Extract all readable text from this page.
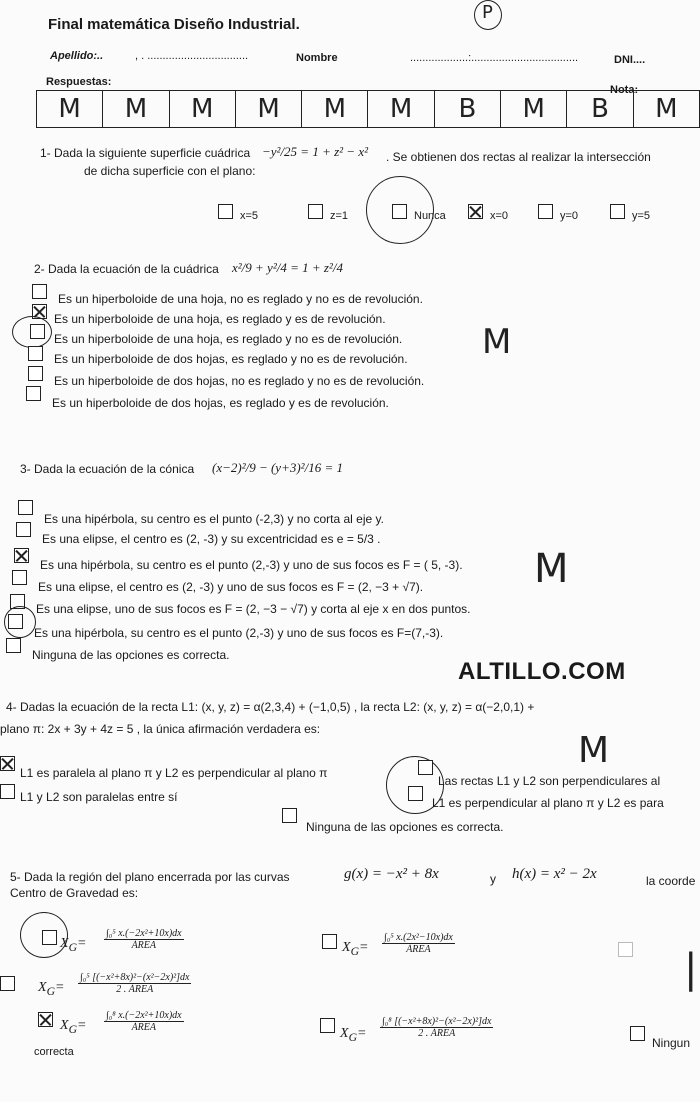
Final matemática Diseño Industrial.
P
Apellido:..	, . .................................	Nombre	...................:...................................	DNI....
Respuestas:
Nota:
M	M	M	M	M	M	B	M	B	M
1- Dada la siguiente superficie cuádrica −y²/25 = 1 + z² − x² . Se obtienen dos rectas al realizar la intersección
de dicha superficie con el plano:
x=5	z=1	Nunca	x=0	y=0	y=5
2- Dada la ecuación de la cuádrica x²/9 + y²/4 = 1 + z²/4
Es un hiperboloide de una hoja, no es reglado y no es de revolución.
Es un hiperboloide de una hoja, es reglado y es de revolución.
Es un hiperboloide de una hoja, es reglado y no es de revolución.
Es un hiperboloide de dos hojas, es reglado y no es de revolución.
Es un hiperboloide de dos hojas, no es reglado y no es de revolución.
Es un hiperboloide de dos hojas, es reglado y es de revolución.
M
3- Dada la ecuación de la cónica (x−2)²/9 − (y+3)²/16 = 1
Es una hipérbola, su centro es el punto (-2,3) y no corta al eje y.
Es una elipse, el centro es (2, -3) y su excentricidad es e = 5/3 .
Es una hipérbola, su centro es el punto (2,-3) y uno de sus focos es F = ( 5, -3).
Es una elipse, el centro es (2, -3) y uno de sus focos es F = (2, −3 + √7).
Es una elipse, uno de sus focos es F = (2, −3 − √7) y corta al eje x en dos puntos.
Es una hipérbola, su centro es el punto (2,-3) y uno de sus focos es F=(7,-3).
Ninguna de las opciones es correcta.
M
ALTILLO.COM
4- Dadas la ecuación de la recta L1: (x, y, z) = α(2,3,4) + (−1,0,5) , la recta L2: (x, y, z) = α(−2,0,1) +
plano π: 2x + 3y + 4z = 5 , la única afirmación verdadera es:
M
L1 es paralela al plano π y L2 es perpendicular al plano π
L1 y L2 son paralelas entre sí
Las rectas L1 y L2 son perpendiculares al
L1 es perpendicular al plano π y L2 es para
Ninguna de las opciones es correcta.
5- Dada la región del plano encerrada por las curvas	g(x) = −x² + 8x	y h(x) = x² − 2x	la coorde
Centro de Gravedad es:
$X_G=$
∫₀⁵ x.(−2x²+10x)dx
ÁREA	$X_G=$
∫₀⁵ x.(2x²−10x)dx
ÁREA	|
$X_G=$
∫₀⁵ [(−x²+8x)²−(x²−2x)²]dx
2 . ÁREA
$X_G=$
∫₀⁸ x.(−2x²+10x)dx
ÁREA
correcta
$X_G=$
∫₀⁸ [(−x²+8x)²−(x²−2x)²]dx
2 . ÁREA
Ningun
